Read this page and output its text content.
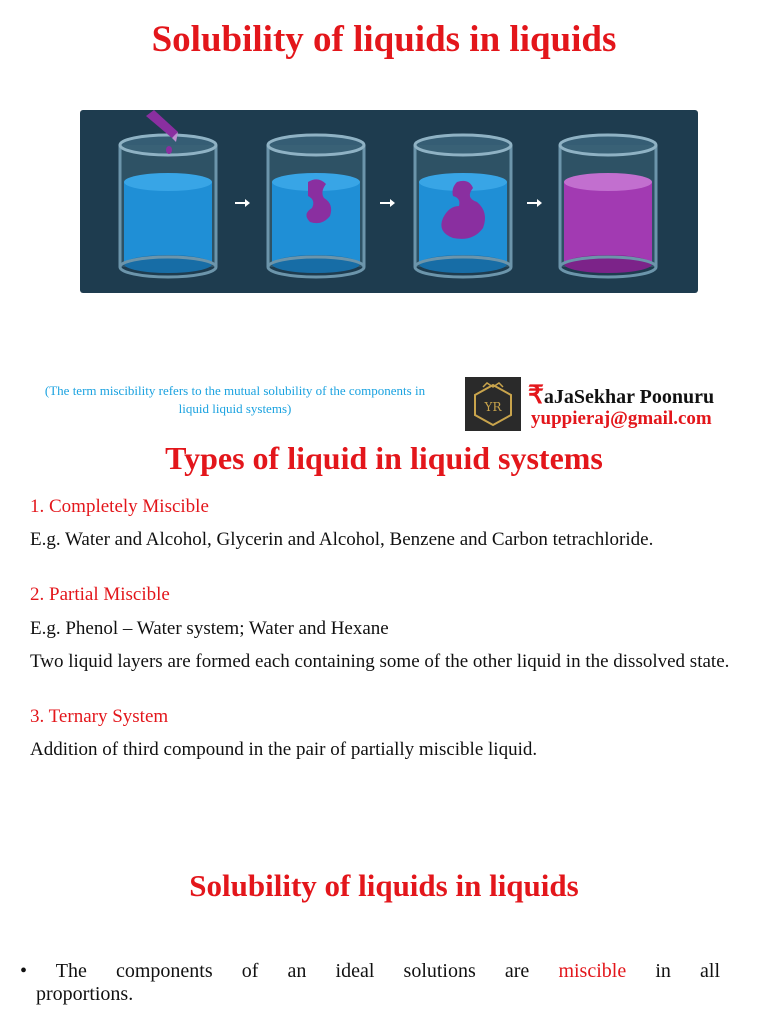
Solubility of liquids in liquids
(The term miscibility refers to the mutual solubility of the components in liquid liquid systems)	YR ₹aJaSekhar Poonuru
yuppieraj@gmail.com
Types of liquid in liquid systems
1. Completely Miscible
E.g. Water and Alcohol, Glycerin and Alcohol, Benzene and Carbon tetrachloride.
2. Partial Miscible
E.g. Phenol – Water system; Water and Hexane
Two liquid layers are formed each containing some of the other liquid in the dissolved state.
3. Ternary System
Addition of third compound in the pair of partially miscible liquid.
Solubility of liquids in liquids
• The components of an ideal solutions are miscible in all
proportions.
